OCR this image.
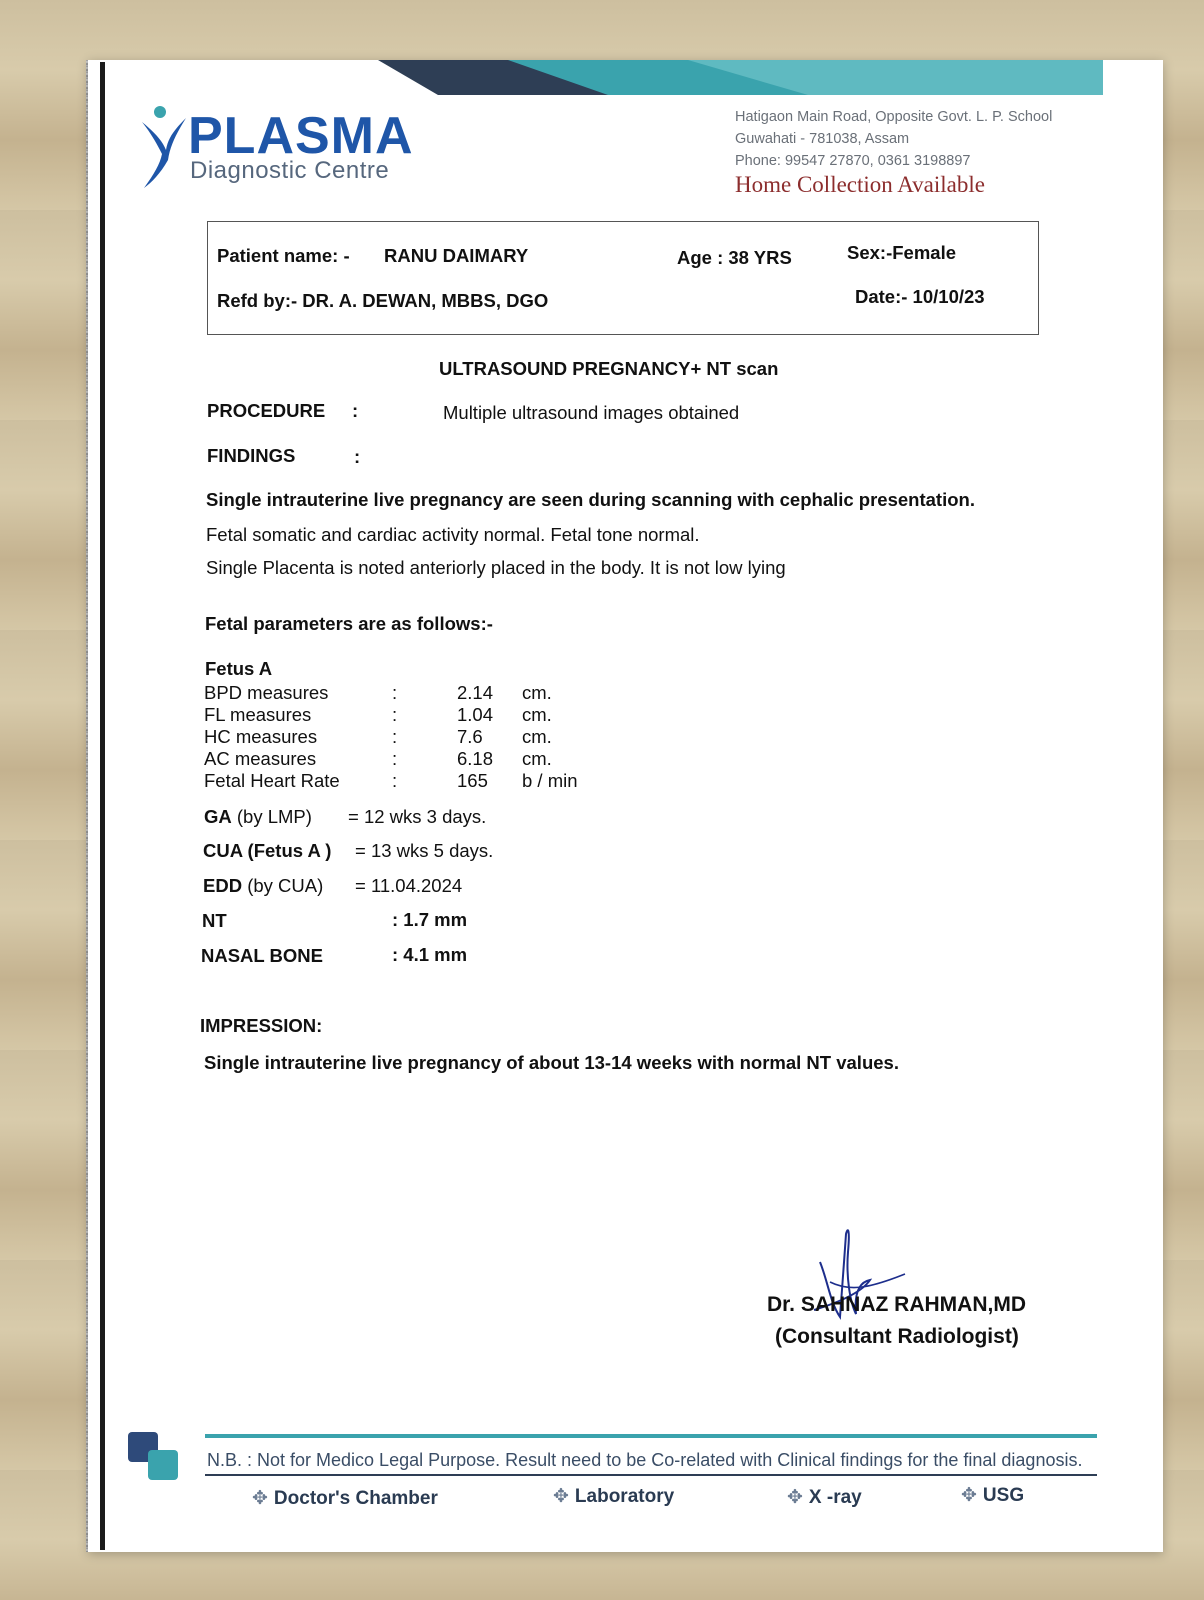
PLASMA
Diagnostic Centre
Hatigaon Main Road, Opposite Govt. L. P. School
Guwahati - 781038, Assam
Phone: 99547 27870, 0361 3198897
Home Collection Available
Patient name: - RANU DAIMARY	Age : 38 YRS	Sex:-Female
Refd by:- DR. A. DEWAN, MBBS, DGO	Date:- 10/10/23
ULTRASOUND PREGNANCY+ NT scan
PROCEDURE :	Multiple ultrasound images obtained
FINDINGS	:
Single intrauterine live pregnancy are seen during scanning with cephalic presentation.
Fetal somatic and cardiac activity normal. Fetal tone normal.
Single Placenta is noted anteriorly placed in the body. It is not low lying
Fetal parameters are as follows:-
Fetus A
BPD measures	:	2.14 cm.
FL measures	:	1.04 cm.
HC measures	:	7.6 cm.
AC measures	:	6.18 cm.
Fetal Heart Rate	:	165 b / min
GA (by LMP) = 12 wks 3 days.
CUA (Fetus A ) = 13 wks 5 days.
EDD (by CUA) = 11.04.2024
NT	: 1.7 mm
NASAL BONE	: 4.1 mm
IMPRESSION:
Single intrauterine live pregnancy of about 13-14 weeks with normal NT values.
Dr. SAHNAZ RAHMAN,MD
(Consultant Radiologist)
N.B. : Not for Medico Legal Purpose. Result need to be Co-related with Clinical findings for the final diagnosis.
✥ Doctor's Chamber	✥ Laboratory	✥ X -ray	✥ USG
